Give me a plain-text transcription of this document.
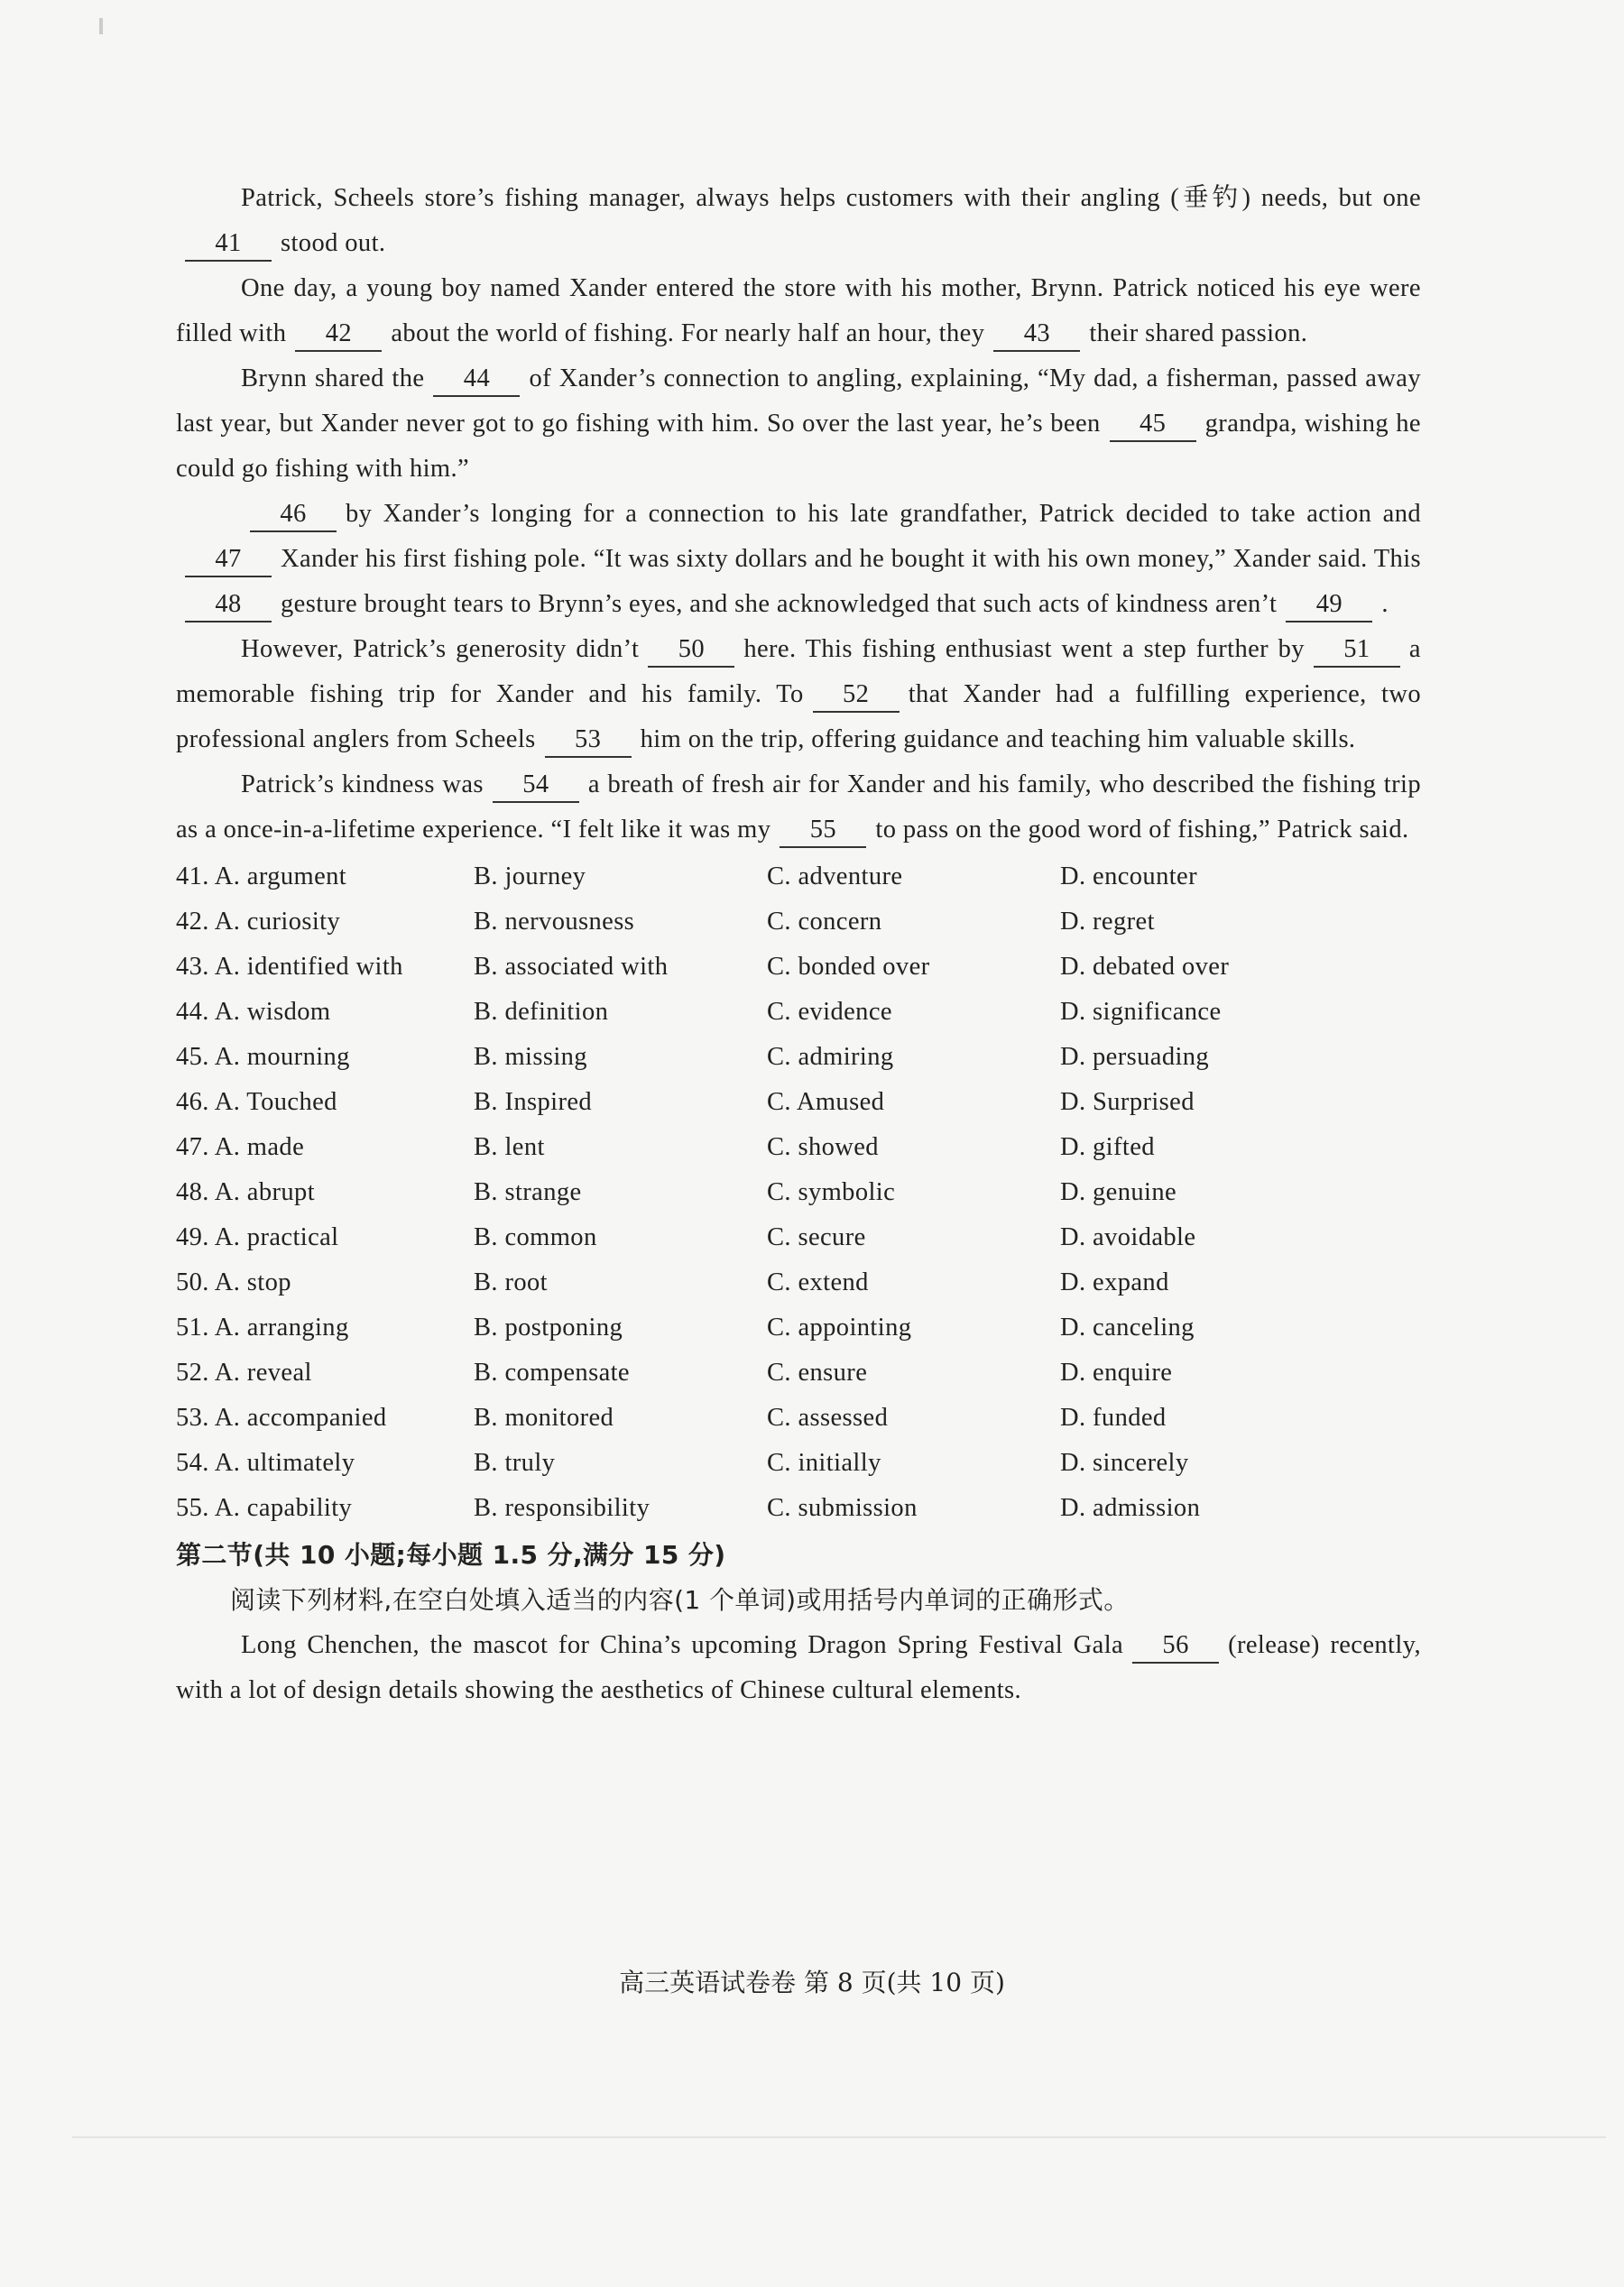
Patrick, Scheels store’s fishing manager, always helps customers with their angling (垂钓) needs, but one41 stood out.

One day, a young boy named Xander entered the store with his mother, Brynn. Patrick noticed his eye were filled with 42 about the world of fishing. For nearly half an hour, they 43 their shared passion.

Brynn shared the 44 of Xander’s connection to angling, explaining, “My dad, a fisherman, passed away last year, but Xander never got to go fishing with him. So over the last year, he’s been 45 grandpa, wishing he could go fishing with him.”

46 by Xander’s longing for a connection to his late grandfather, Patrick decided to take action and47 Xander his first fishing pole. “It was sixty dollars and he bought it with his own money,” Xander said. This48 gesture brought tears to Brynn’s eyes, and she acknowledged that such acts of kindness aren’t 49 .

However, Patrick’s generosity didn’t 50 here. This fishing enthusiast went a step further by 51 a memorable fishing trip for Xander and his family. To 52 that Xander had a fulfilling experience, two professional anglers from Scheels 53 him on the trip, offering guidance and teaching him valuable skills.

Patrick’s kindness was 54 a breath of fresh air for Xander and his family, who described the fishing trip as a once-in-a-lifetime experience. “I felt like it was my 55 to pass on the good word of fishing,” Patrick said.

41. A. argument	B. journey	C. adventure	D. encounter
42. A. curiosity	B. nervousness	C. concern	D. regret
43. A. identified with	B. associated with	C. bonded over	D. debated over
44. A. wisdom	B. definition	C. evidence	D. significance
45. A. mourning	B. missing	C. admiring	D. persuading
46. A. Touched	B. Inspired	C. Amused	D. Surprised
47. A. made	B. lent	C. showed	D. gifted
48. A. abrupt	B. strange	C. symbolic	D. genuine
49. A. practical	B. common	C. secure	D. avoidable
50. A. stop	B. root	C. extend	D. expand
51. A. arranging	B. postponing	C. appointing	D. canceling
52. A. reveal	B. compensate	C. ensure	D. enquire
53. A. accompanied	B. monitored	C. assessed	D. funded
54. A. ultimately	B. truly	C. initially	D. sincerely
55. A. capability	B. responsibility	C. submission	D. admission
第二节(共 10 小题;每小题 1.5 分,满分 15 分)
阅读下列材料,在空白处填入适当的内容(1 个单词)或用括号内单词的正确形式。

Long Chenchen, the mascot for China’s upcoming Dragon Spring Festival Gala 56 (release) recently, with a lot of design details showing the aesthetics of Chinese cultural elements.

高三英语试卷卷 第 8 页(共 10 页)
